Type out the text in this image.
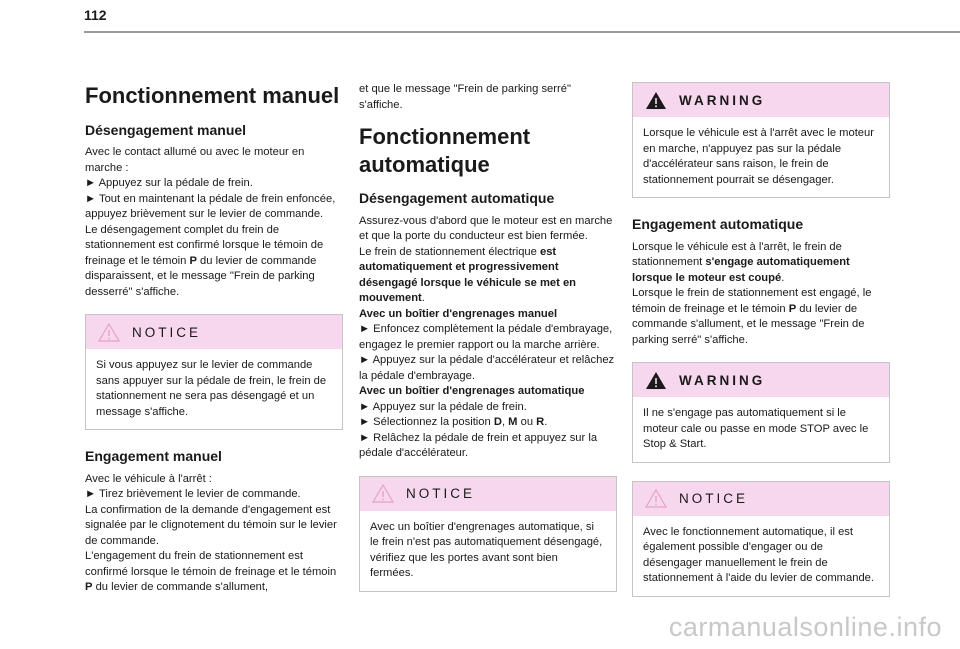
112
Fonctionnement manuel
Désengagement manuel

Avec le contact allumé ou avec le moteur en marche :

► Appuyez sur la pédale de frein.

► Tout en maintenant la pédale de frein enfoncée, appuyez brièvement sur le levier de commande.

Le désengagement complet du frein de stationnement est confirmé lorsque le témoin de freinage et le témoin P du levier de commande disparaissent, et le message "Frein de parking desserré" s'affiche.

NOTICE

Si vous appuyez sur le levier de commande sans appuyer sur la pédale de frein, le frein de stationnement ne sera pas désengagé et un message s'affiche.

Engagement manuel

Avec le véhicule à l'arrêt :

► Tirez brièvement le levier de commande.

La confirmation de la demande d'engagement est signalée par le clignotement du témoin sur le levier de commande.

L'engagement du frein de stationnement est confirmé lorsque le témoin de freinage et le témoin P du levier de commande s'allument,

et que le message "Frein de parking serré" s'affiche.

Fonctionnement automatique
Désengagement automatique

Assurez-vous d'abord que le moteur est en marche et que la porte du conducteur est bien fermée.

Le frein de stationnement électrique est automatiquement et progressivement désengagé lorsque le véhicule se met en mouvement.

Avec un boîtier d'engrenages manuel

► Enfoncez complètement la pédale d'embrayage, engagez le premier rapport ou la marche arrière.

► Appuyez sur la pédale d'accélérateur et relâchez la pédale d'embrayage.

Avec un boîtier d'engrenages automatique

► Appuyez sur la pédale de frein.

► Sélectionnez la position D, M ou R.

► Relâchez la pédale de frein et appuyez sur la pédale d'accélérateur.

NOTICE

Avec un boîtier d'engrenages automatique, si le frein n'est pas automatiquement désengagé, vérifiez que les portes avant sont bien fermées.

WARNING

Lorsque le véhicule est à l'arrêt avec le moteur en marche, n'appuyez pas sur la pédale d'accélérateur sans raison, le frein de stationnement pourrait se désengager.

Engagement automatique

Lorsque le véhicule est à l'arrêt, le frein de stationnement s'engage automatiquement lorsque le moteur est coupé.

Lorsque le frein de stationnement est engagé, le témoin de freinage et le témoin P du levier de commande s'allument, et le message "Frein de parking serré" s'affiche.

WARNING

Il ne s'engage pas automatiquement si le moteur cale ou passe en mode STOP avec le Stop & Start.

NOTICE

Avec le fonctionnement automatique, il est également possible d'engager ou de désengager manuellement le frein de stationnement à l'aide du levier de commande.

carmanualsonline.info
